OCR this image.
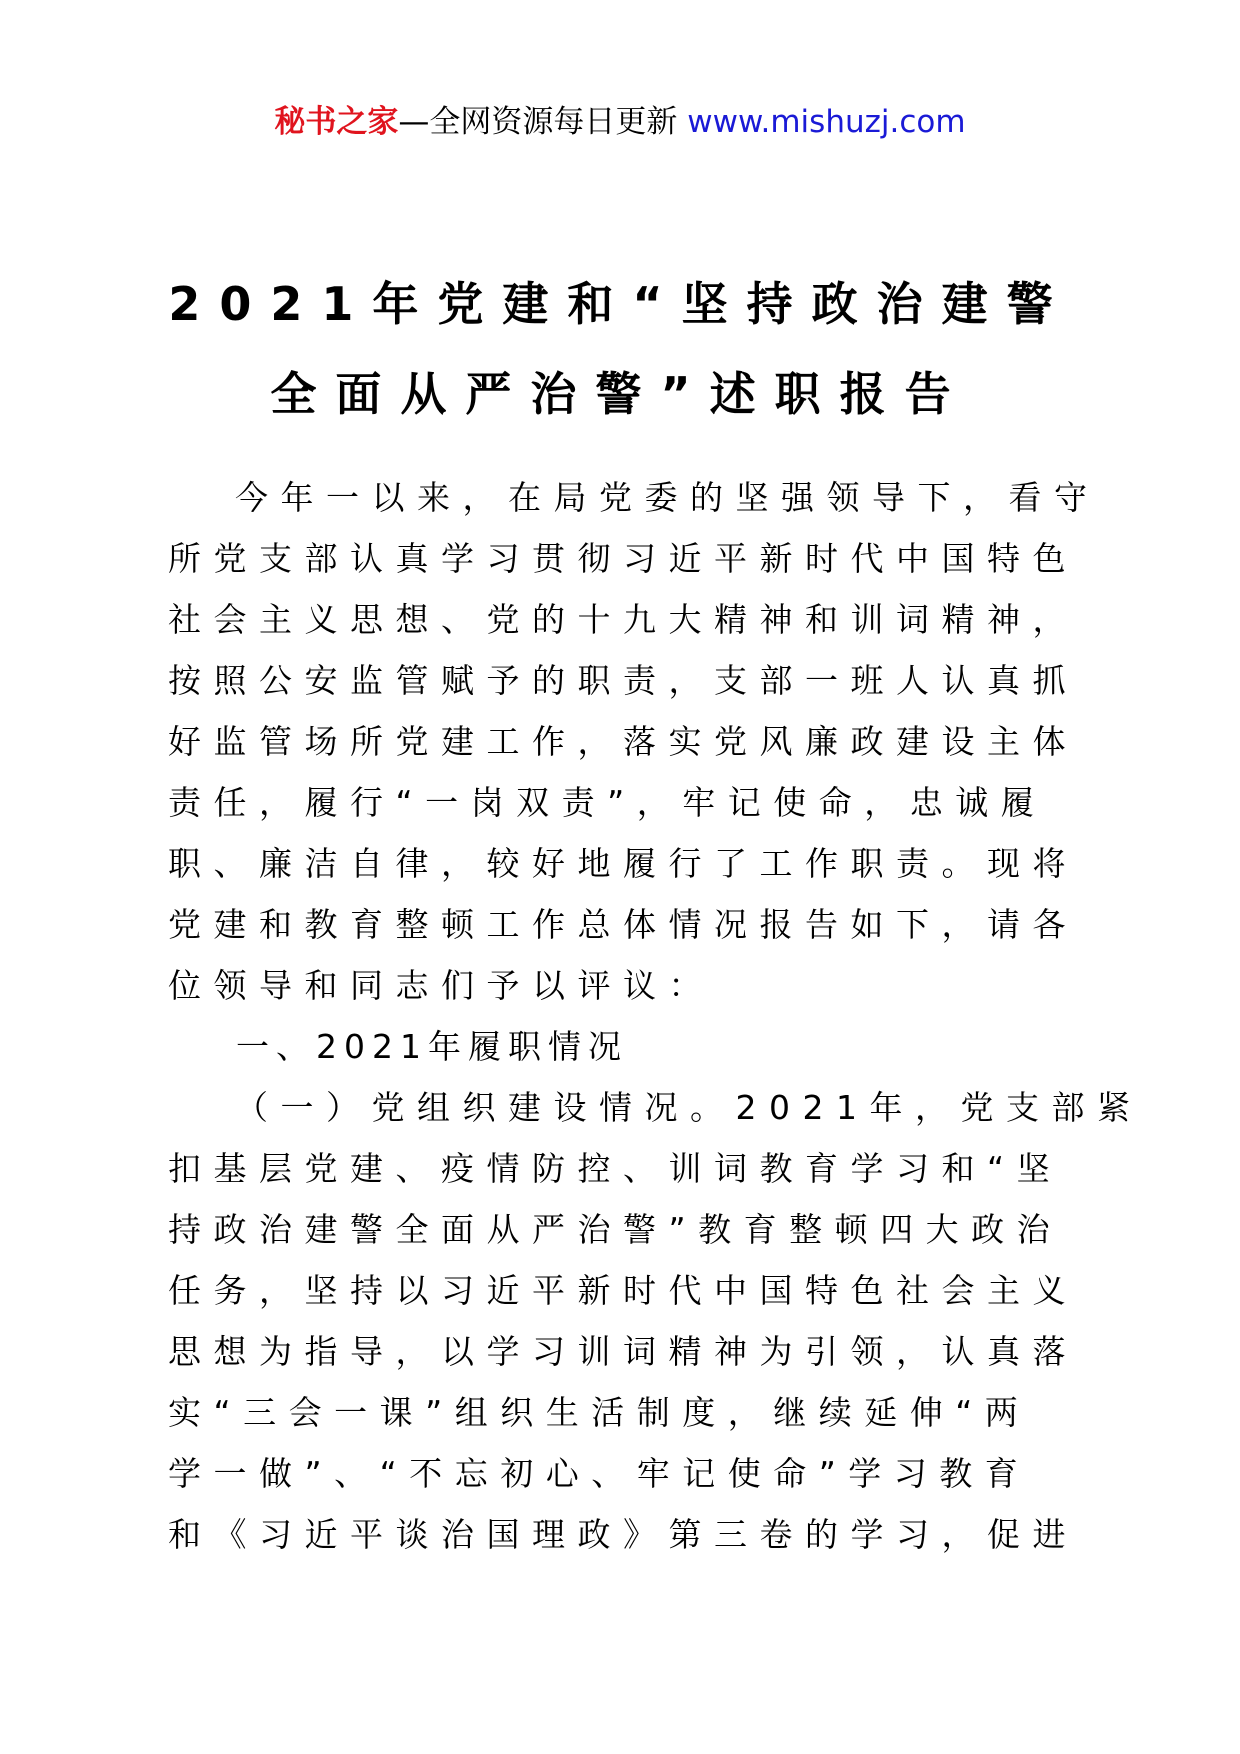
秘书之家—全网资源每日更新 www.mishuzj.com
2021年党建和“坚持政治建警
全面从严治警”述职报告
今年一以来，在局党委的坚强领导下，看守
所党支部认真学习贯彻习近平新时代中国特色
社会主义思想、党的十九大精神和训词精神，
按照公安监管赋予的职责，支部一班人认真抓
好监管场所党建工作，落实党风廉政建设主体
责任，履行“一岗双责”，牢记使命，忠诚履
职、廉洁自律，较好地履行了工作职责。现将
党建和教育整顿工作总体情况报告如下，请各
位领导和同志们予以评议：
一、2021年履职情况
（一）党组织建设情况。2021年，党支部紧
扣基层党建、疫情防控、训词教育学习和“坚
持政治建警全面从严治警”教育整顿四大政治
任务，坚持以习近平新时代中国特色社会主义
思想为指导，以学习训词精神为引领，认真落
实“三会一课”组织生活制度，继续延伸“两
学一做”、“不忘初心、牢记使命”学习教育
和《习近平谈治国理政》第三卷的学习，促进
